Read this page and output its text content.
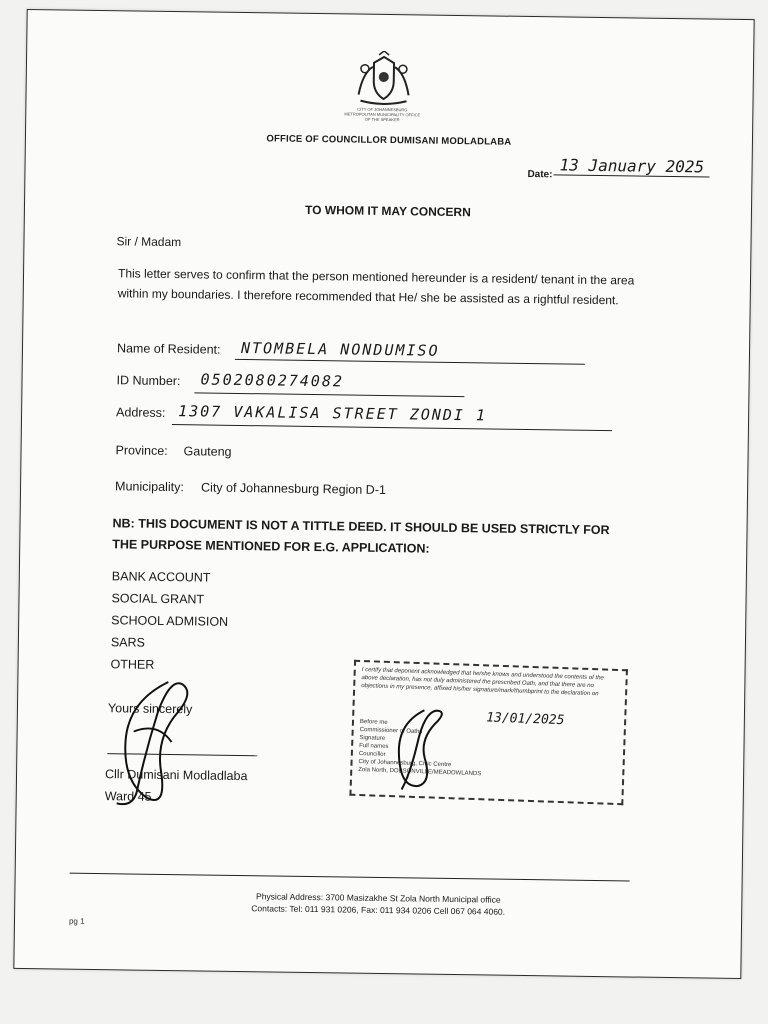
CITY OF JOHANNESBURG METROPOLITAN MUNICIPALITY OFFICE OF THE SPEAKER
OFFICE OF COUNCILLOR DUMISANI MODLADLABA
Date: 13 January 2025
TO WHOM IT MAY CONCERN
Sir / Madam
This letter serves to confirm that the person mentioned hereunder is a resident/ tenant in the area within my boundaries. I therefore recommended that He/ she be assisted as a rightful resident.
Name of Resident: NTOMBELA NONDUMISO
ID Number: 0502080274082
Address: 1307 VAKALISA STREET ZONDI 1
Province: Gauteng
Municipality: City of Johannesburg Region D-1
NB: THIS DOCUMENT IS NOT A TITTLE DEED. IT SHOULD BE USED STRICTLY FOR THE PURPOSE MENTIONED FOR E.G. APPLICATION:
BANK ACCOUNT
SOCIAL GRANT
SCHOOL ADMISION
SARS
OTHER
Yours sincerely
Cllr Dumisani Modladlaba
Ward 45
I certify that deponent acknowledged that he/she knows and understood the contents of the above declaration, has not duly administered the prescribed Oath, and that there are no objections in my presence, affixed his/her signature/mark/thumbprint to the declaration on
13/01/2025
Before me
Commissioner of Oaths
Signature
Full names
Councillor
City of Johannesburg, Civic Centre
Zola North, DOBSONVILLE/MEADOWLANDS
Physical Address: 3700 Masizakhe St Zola North Municipal office
Contacts: Tel: 011 931 0206, Fax: 011 934 0206 Cell 067 064 4060.
pg 1
